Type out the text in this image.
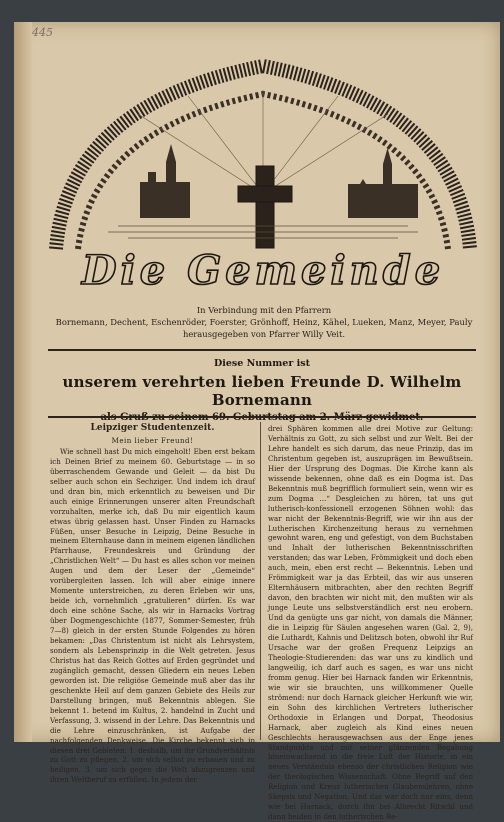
445
Die Gemeinde
In Verbindung mit den Pfarrern
Bornemann, Dechent, Eschenröder, Foerster, Grönhoff, Heinz, Kähel, Lueken, Manz, Meyer, Pauly
herausgegeben von Pfarrer Willy Veit.
Diese Nummer ist
unserem verehrten lieben Freunde D. Wilhelm Bornemann
Leipziger Studentenzeit.
Mein lieber Freund!

Wie schnell hast Du mich eingeholt! Eben erst bekam ich Deinen Brief zu meinem 60. Geburtstage — in so überraschendem Gewande und Geleit — da bist Du selber auch schon ein Sechziger. Und indem ich drauf und dran bin, mich erkenntlich zu beweisen und Dir auch einige Erinnerungen unserer alten Freundschaft vorzuhalten, merke ich, daß Du mir eigentlich kaum etwas übrig gelassen hast. Unser Finden zu Harnacks Füßen, unser Besuche in Leipzig, Deine Besuche in meinem Elternhause dann in meinem eigenen ländlichen Pfarrhause, Freundeskreis und Gründung der „Christlichen Welt“ — Du hast es alles schon vor meinen Augen und dem der Leser der „Gemeinde“ vorübergleiten lassen. Ich will aber einige innere Momente unterstreichen, zu deren Erleben wir uns, beide ich, vornehmlich „gratulieren“ dürfen. Es war doch eine schöne Sache, als wir in Harnacks Vortrag über Dogmengeschichte (1877, Sommer-Semester, früh 7—8) gleich in der ersten Stunde Folgendes zu hören bekamen: „Das Christentum ist nicht als Lehrsystem, sondern als Lebensprinzip in die Welt getreten. Jesus Christus hat das Reich Gottes auf Erden gegründet und zugänglich gemacht, dessen Gliedern ein neues Leben geworden ist. Die religiöse Gemeinde muß aber das ihr geschenkte Heil auf dem ganzen Gebiete des Heils zur Darstellung bringen, muß Bekenntnis ablegen. Sie bekennt 1. betend im Kultus, 2. handelnd in Zucht und Verfassung, 3. wissend in der Lehre. Das Bekenntnis und die Lehre einzuschränken, ist Aufgabe der nachfolgenden Denkweise. Die Kirche bekennt sich in diesen drei Gebieten: 1. deshalb, um ihr Grundverhältnis zu Gott zu pflegen, 2. um sich selbst zu erbauen und zu heiligen, 3. um sich gegen die Welt abzugrenzen und ihren Weltberuf zu erfüllen. In jedem der

drei Sphären kommen alle drei Motive zur Geltung: Verhältnis zu Gott, zu sich selbst und zur Welt. Bei der Lehre handelt es sich darum, das neue Prinzip, das im Christentum gegeben ist, auszuprägen im Bewußtsein. Hier der Ursprung des Dogmas. Die Kirche kann als wissende bekennen, ohne daß es ein Dogma ist. Das Bekenntnis muß begrifflich formuliert sein, wenn wir es zum Dogma …“ Desgleichen zu hören, tat uns gut lutherisch-konfessionell erzogenen Söhnen wohl: das war nicht der Bekenntnis-Begriff, wie wir ihn aus der Lutherischen Kirchenzeitung heraus zu vernehmen gewohnt waren, eng und gefestigt, von dem Buchstaben und Inhalt der lutherischen Bekenntnisschriften verstanden; das war Leben, Frömmigkeit und doch eben auch, mein, eben erst recht — Bekenntnis. Leben und Frömmigkeit war ja das Erbteil, das wir aus unseren Elternhäusern mitbrachten, aber den rechten Begriff davon, den brachten wir nicht mit, den mußten wir als junge Leute uns selbstverständlich erst neu erobern. Und da genügte uns gar nicht, von damals die Männer, die in Leipzig für Säulen angesehen waren (Gal. 2, 9), die Luthardt, Kahnis und Delitzsch boten, obwohl ihr Ruf Ursache war der großen Frequenz Leipzigs an Theologie-Studierenden: das war uns zu kindlich und langweilig, ich darf auch es sagen, es war uns nicht fromm genug. Hier bei Harnack fanden wir Erkenntnis, wie wir sie brauchten, uns willkommener Quelle strömend: nur doch Harnack gleicher Herkunft wie wir, ein Sohn des kirchlichen Vertreters lutherischer Orthodoxie in Erlangen und Dorpat, Theodosius Harnack, aber zugleich als Kind eines neuen Geschlechts herausgewachsen aus der Enge jenes Standpunkts und mit seiner glänzenden Begabung hineinwachsend in die freie Luft der Historie, in ein neues Verständnis ebenso der christlichen Religion wie der theologischen Wissenschaft. Ohne Begriff auf den Religion und Kreuz lutherischen Glaubenslehren, ohne Skepsis und Negation. Und das war doch nur eins, denn wie bei Harnack, durch ihn bei Albrecht Ritschl und dann beiden in den lutherischen Be-
